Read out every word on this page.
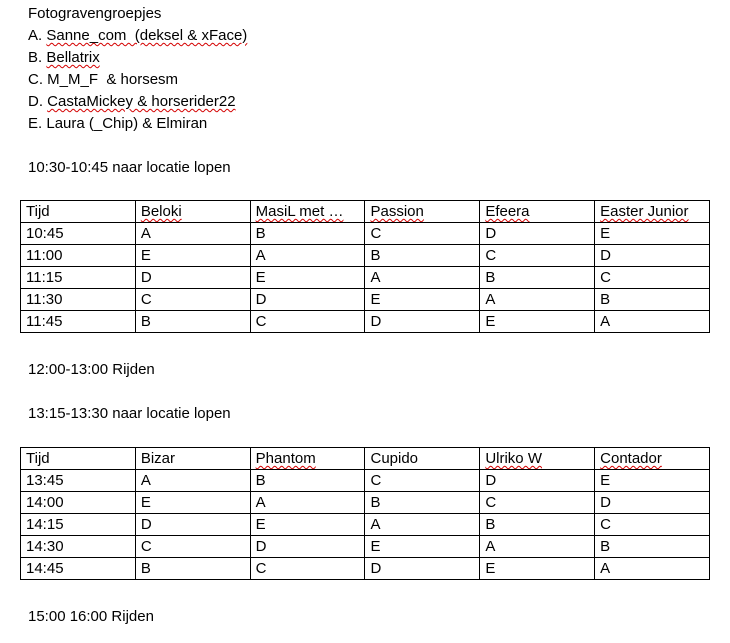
Fotogravengroepjes
A. Sanne_com  (deksel & xFace)
B. Bellatrix
C. M_M_F  & horsesm
D. CastaMickey & horserider22
E. Laura (_Chip) & Elmiran
10:30-10:45 naar locatie lopen
Tijd	Beloki	MasiL met …	Passion	Efeera	Easter Junior
10:45	A	B	C	D	E
11:00	E	A	B	C	D
11:15	D	E	A	B	C
11:30	C	D	E	A	B
11:45	B	C	D	E	A
12:00-13:00 Rijden
13:15-13:30 naar locatie lopen
Tijd	Bizar	Phantom	Cupido	Ulriko W	Contador
13:45	A	B	C	D	E
14:00	E	A	B	C	D
14:15	D	E	A	B	C
14:30	C	D	E	A	B
14:45	B	C	D	E	A
15:00 16:00 Rijden
